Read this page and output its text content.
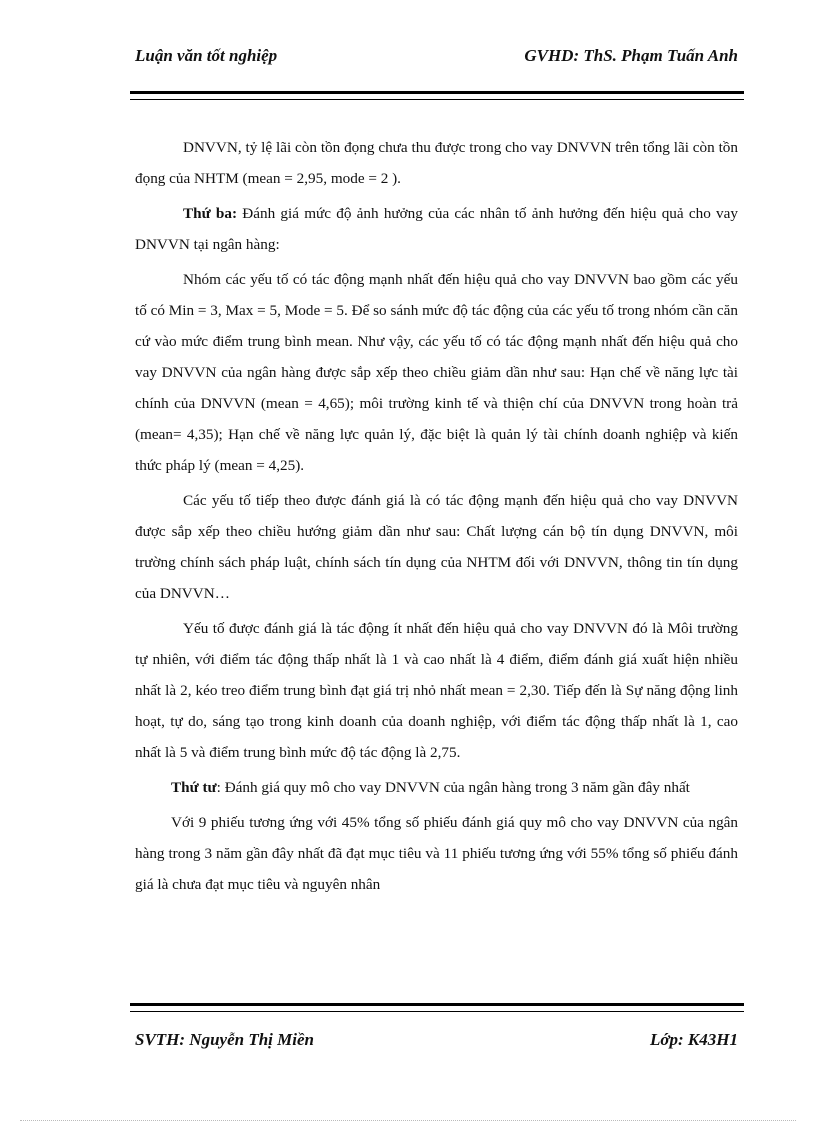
Luận văn tốt nghiệp	GVHD: ThS. Phạm Tuấn Anh

DNVVN, tỷ lệ lãi còn tồn đọng chưa thu được trong cho vay DNVVN trên tổng lãi còn tồn đọng của NHTM (mean = 2,95, mode = 2 ).

Thứ ba: Đánh giá mức độ ảnh hưởng của các nhân tố ảnh hưởng đến hiệu quả cho vay DNVVN tại ngân hàng:

Nhóm các yếu tố có tác động mạnh nhất đến hiệu quả cho vay DNVVN bao gồm các yếu tố có Min = 3, Max = 5, Mode = 5. Để so sánh mức độ tác động của các yếu tố trong nhóm cần căn cứ vào mức điểm trung bình mean. Như vậy, các yếu tố có tác động mạnh nhất đến hiệu quả cho vay DNVVN của ngân hàng được sắp xếp theo chiều giảm dần như sau: Hạn chế về năng lực tài chính của DNVVN (mean = 4,65); môi trường kinh tế và thiện chí của DNVVN trong hoàn trả (mean= 4,35); Hạn chế về năng lực quản lý, đặc biệt là quản lý tài chính doanh nghiệp và kiến thức pháp lý (mean = 4,25).

Các yếu tố tiếp theo được đánh giá là có tác động mạnh đến hiệu quả cho vay DNVVN được sắp xếp theo chiều hướng giảm dần như sau: Chất lượng cán bộ tín dụng DNVVN, môi trường chính sách pháp luật, chính sách tín dụng của NHTM đối với DNVVN, thông tin tín dụng của DNVVN…

Yếu tố được đánh giá là tác động ít nhất đến hiệu quả cho vay DNVVN đó là Môi trường tự nhiên, với điểm tác động thấp nhất là 1 và cao nhất là 4 điểm, điểm đánh giá xuất hiện nhiều nhất là 2, kéo treo điểm trung bình đạt giá trị nhỏ nhất mean = 2,30. Tiếp đến là Sự năng động linh hoạt, tự do, sáng tạo trong kinh doanh của doanh nghiệp, với điểm tác động thấp nhất là 1, cao nhất là 5 và điểm trung bình mức độ tác động là 2,75.

Thứ tư: Đánh giá quy mô cho vay DNVVN của ngân hàng trong 3 năm gần đây nhất

Với 9 phiếu tương ứng với 45% tổng số phiếu đánh giá quy mô cho vay DNVVN của ngân hàng trong 3 năm gần đây nhất đã đạt mục tiêu và 11 phiếu tương ứng với 55% tổng số phiếu đánh giá là chưa đạt mục tiêu và nguyên nhân

SVTH: Nguyễn Thị Miền	Lớp: K43H1
